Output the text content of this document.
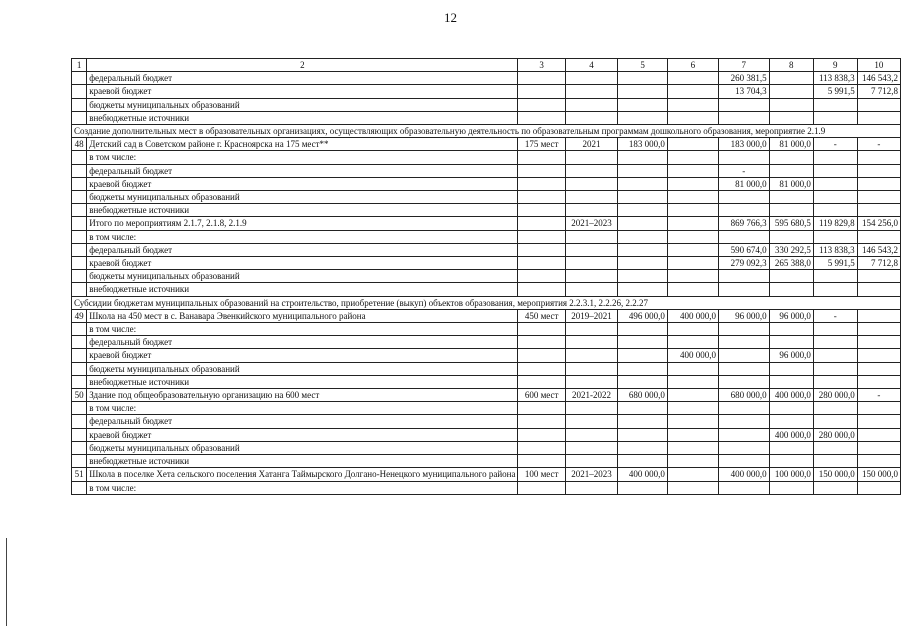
12
1	2	3	4	5	6	7	8	9	10
	федеральный бюджет					260 381,5		113 838,3	146 543,2
	краевой бюджет					13 704,3		5 991,5	7 712,8
	бюджеты муниципальных образований								
	внебюджетные источники								
Создание дополнительных мест в образовательных организациях, осуществляющих образовательную деятельность по образовательным программам дошкольного образования, мероприятие 2.1.9									
48	Детский сад в Советском районе г. Красноярска на 175 мест**	175 мест	2021	183 000,0		183 000,0	81 000,0	-	-
	в том числе:								
	федеральный бюджет					-			
	краевой бюджет					81 000,0	81 000,0		
	бюджеты муниципальных образований								
	внебюджетные источники								
	Итого по мероприятиям 2.1.7, 2.1.8, 2.1.9		2021–2023			869 766,3	595 680,5	119 829,8	154 256,0
	в том числе:								
	федеральный бюджет					590 674,0	330 292,5	113 838,3	146 543,2
	краевой бюджет					279 092,3	265 388,0	5 991,5	7 712,8
	бюджеты муниципальных образований								
	внебюджетные источники								
Субсидии бюджетам муниципальных образований на строительство, приобретение (выкуп) объектов образования, мероприятия 2.2.3.1, 2.2.26, 2.2.27									
49	Школа на 450 мест в с. Ванавара Эвенкийского муниципального района	450 мест	2019–2021	496 000,0	400 000,0	96 000,0	96 000,0	-	
	в том числе:								
	федеральный бюджет								
	краевой бюджет				400 000,0		96 000,0		
	бюджеты муниципальных образований								
	внебюджетные источники								
50	Здание под общеобразовательную организацию на 600 мест	600 мест	2021-2022	680 000,0		680 000,0	400 000,0	280 000,0	-
	в том числе:								
	федеральный бюджет								
	краевой бюджет						400 000,0	280 000,0	
	бюджеты муниципальных образований								
	внебюджетные источники								
51	Школа в поселке Хета сельского поселения Хатанга Таймырского Долгано-Ненецкого муниципального района	100 мест	2021–2023	400 000,0		400 000,0	100 000,0	150 000,0	150 000,0
	в том числе:								
